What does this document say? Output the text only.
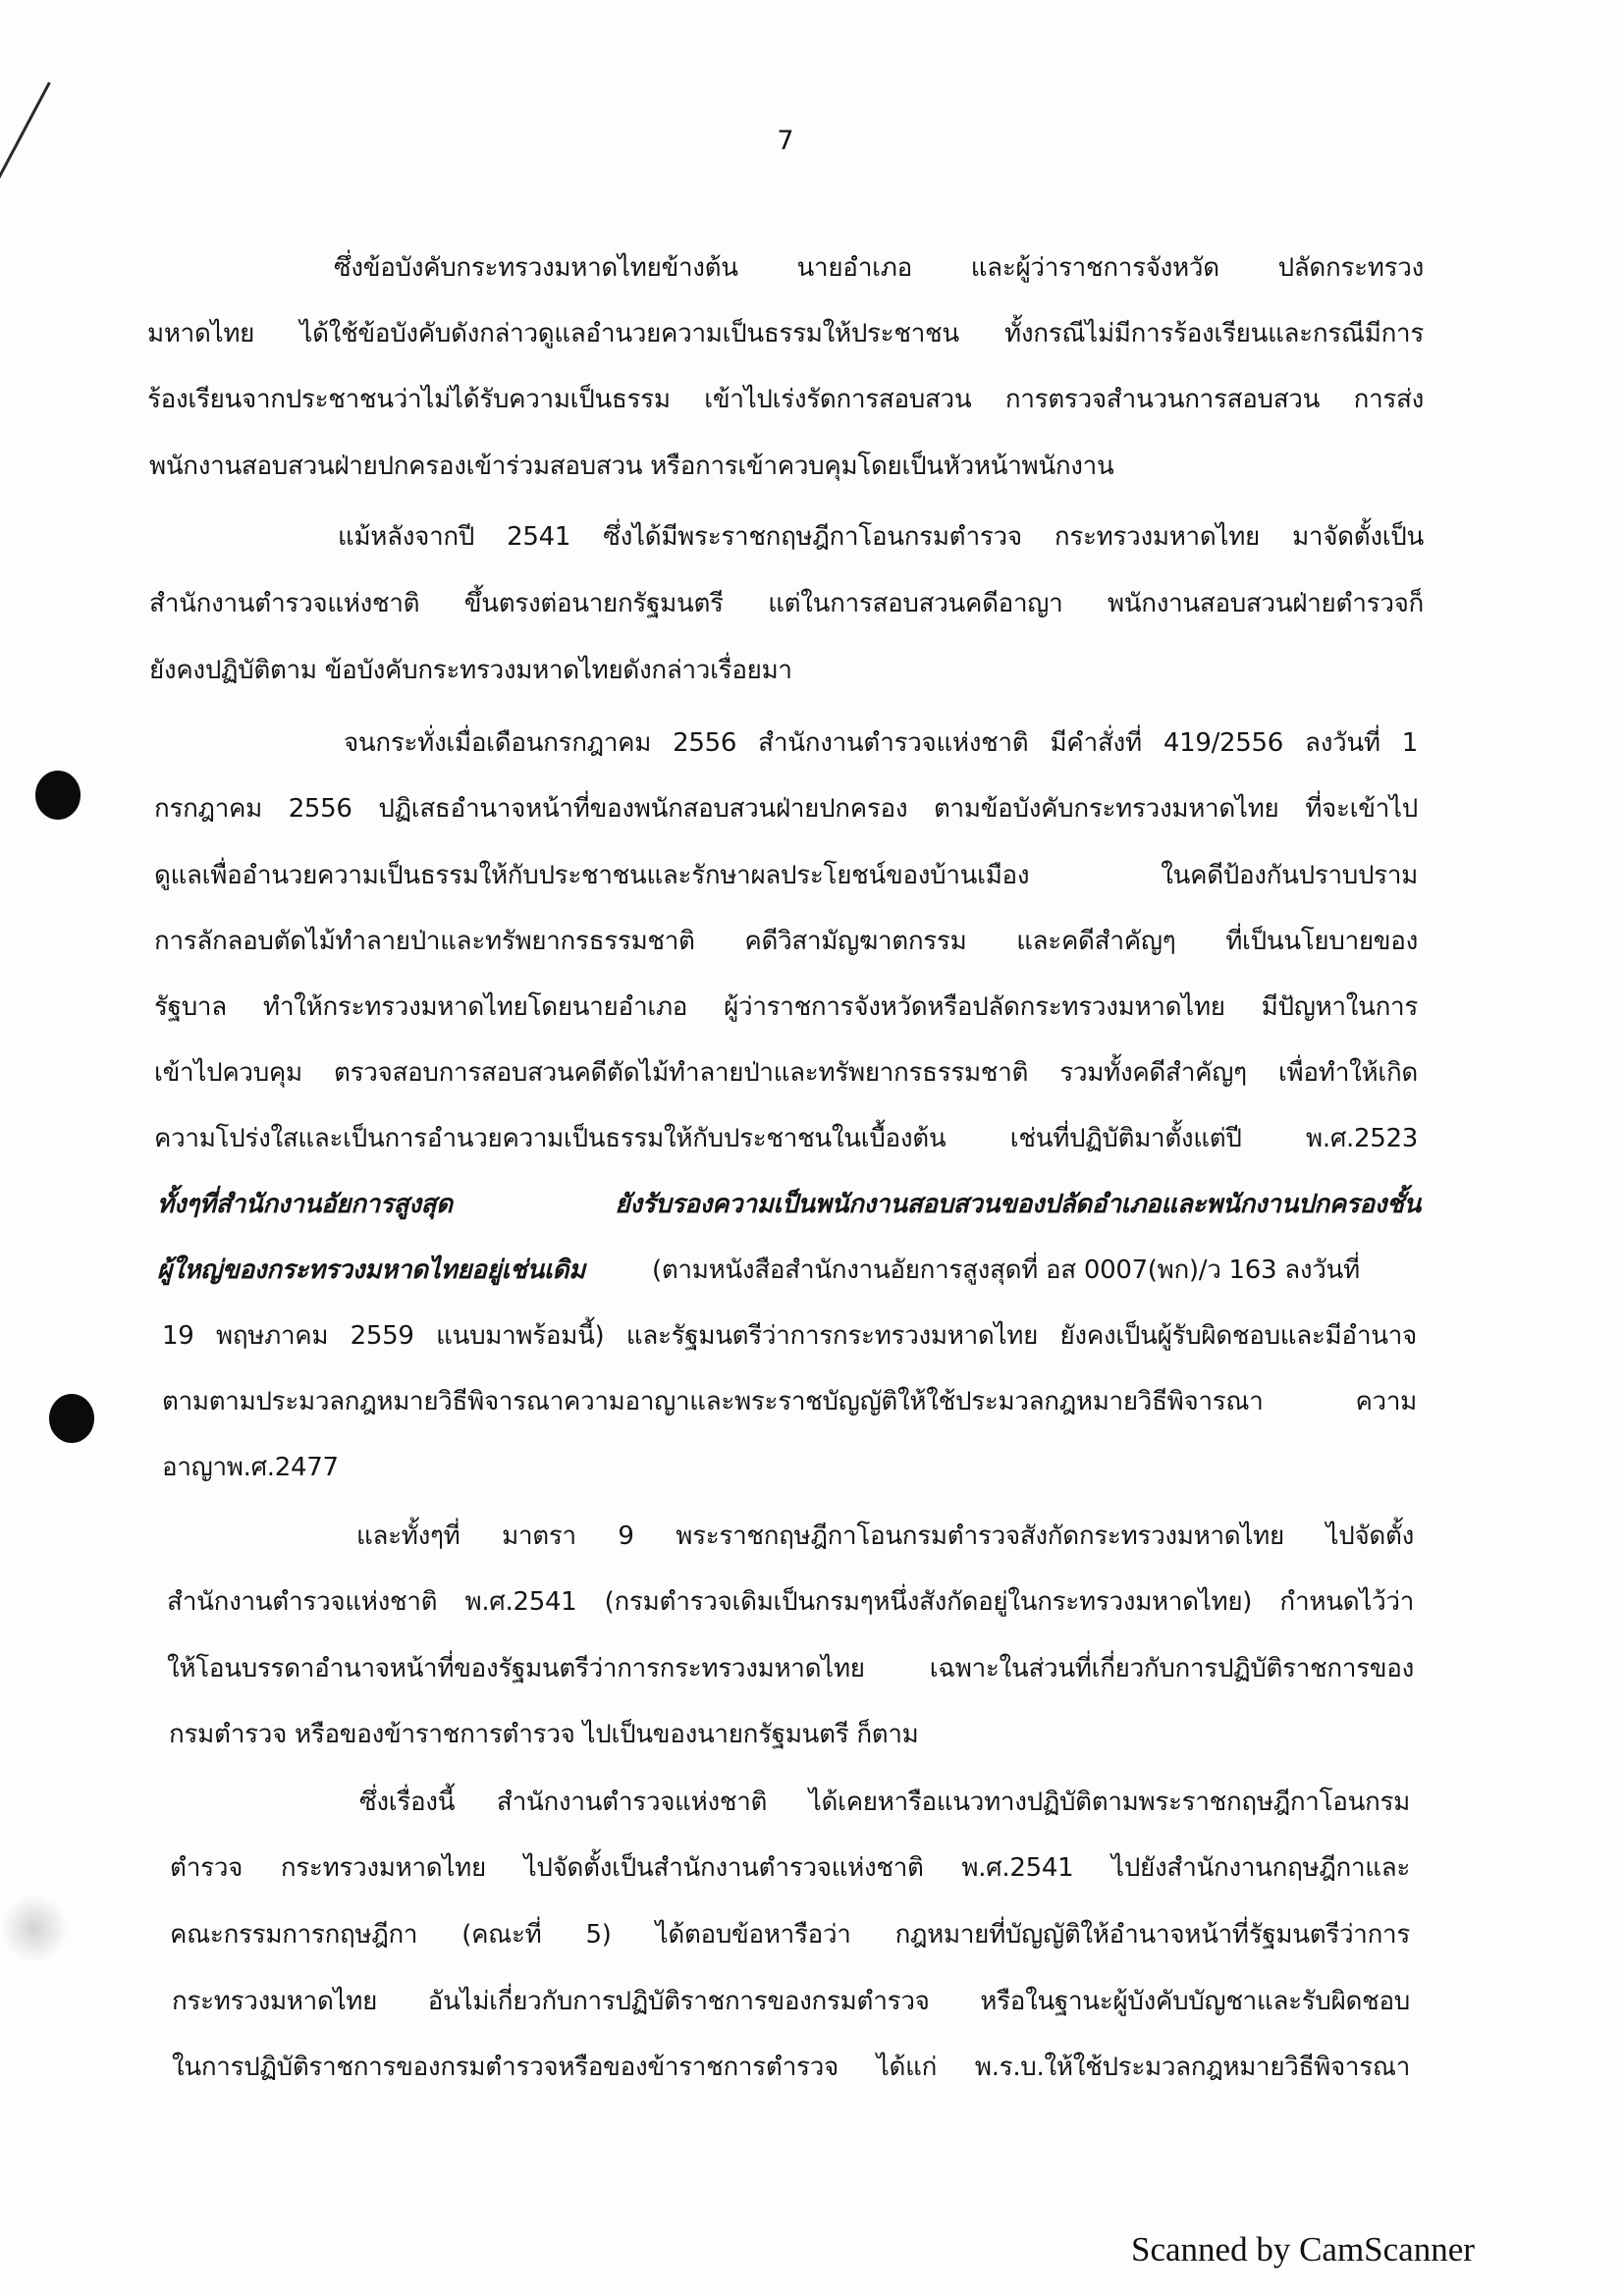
7
ซึ่งข้อบังคับกระทรวงมหาดไทยข้างต้น นายอำเภอ และผู้ว่าราชการจังหวัด ปลัดกระทรวง
มหาดไทย ได้ใช้ข้อบังคับดังกล่าวดูแลอำนวยความเป็นธรรมให้ประชาชน ทั้งกรณีไม่มีการร้องเรียนและกรณีมีการ
ร้องเรียนจากประชาชนว่าไม่ได้รับความเป็นธรรม เข้าไปเร่งรัดการสอบสวน การตรวจสำนวนการสอบสวน การส่ง
พนักงานสอบสวนฝ่ายปกครองเข้าร่วมสอบสวน หรือการเข้าควบคุมโดยเป็นหัวหน้าพนักงาน
แม้หลังจากปี 2541 ซึ่งได้มีพระราชกฤษฎีกาโอนกรมตำรวจ กระทรวงมหาดไทย มาจัดตั้งเป็น
สำนักงานตำรวจแห่งชาติ ขึ้นตรงต่อนายกรัฐมนตรี แต่ในการสอบสวนคดีอาญา พนักงานสอบสวนฝ่ายตำรวจก็
ยังคงปฏิบัติตาม ข้อบังคับกระทรวงมหาดไทยดังกล่าวเรื่อยมา
จนกระทั่งเมื่อเดือนกรกฎาคม 2556 สำนักงานตำรวจแห่งชาติ มีคำสั่งที่ 419/2556 ลงวันที่ 1
กรกฎาคม 2556 ปฏิเสธอำนาจหน้าที่ของพนักสอบสวนฝ่ายปกครอง ตามข้อบังคับกระทรวงมหาดไทย ที่จะเข้าไป
ดูแลเพื่ออำนวยความเป็นธรรมให้กับประชาชนและรักษาผลประโยชน์ของบ้านเมือง ในคดีป้องกันปราบปราม
การลักลอบตัดไม้ทำลายป่าและทรัพยากรธรรมชาติ คดีวิสามัญฆาตกรรม และคดีสำคัญๆ ที่เป็นนโยบายของ
รัฐบาล ทำให้กระทรวงมหาดไทยโดยนายอำเภอ ผู้ว่าราชการจังหวัดหรือปลัดกระทรวงมหาดไทย มีปัญหาในการ
เข้าไปควบคุม ตรวจสอบการสอบสวนคดีตัดไม้ทำลายป่าและทรัพยากรธรรมชาติ รวมทั้งคดีสำคัญๆ เพื่อทำให้เกิด
ความโปร่งใสและเป็นการอำนวยความเป็นธรรมให้กับประชาชนในเบื้องต้น เช่นที่ปฏิบัติมาตั้งแต่ปี พ.ศ.2523
ทั้งๆที่สำนักงานอัยการสูงสุด ยังรับรองความเป็นพนักงานสอบสวนของปลัดอำเภอและพนักงานปกครองชั้น
ผู้ใหญ่ของกระทรวงมหาดไทยอยู่เช่นเดิม	(ตามหนังสือสำนักงานอัยการสูงสุดที่ อส 0007(พก)/ว 163 ลงวันที่
19 พฤษภาคม 2559 แนบมาพร้อมนี้) และรัฐมนตรีว่าการกระทรวงมหาดไทย ยังคงเป็นผู้รับผิดชอบและมีอำนาจ
ตามตามประมวลกฎหมายวิธีพิจารณาความอาญาและพระราชบัญญัติให้ใช้ประมวลกฎหมายวิธีพิจารณา ความ
อาญาพ.ศ.2477
และทั้งๆที่ มาตรา 9 พระราชกฤษฎีกาโอนกรมตำรวจสังกัดกระทรวงมหาดไทย ไปจัดตั้ง
สำนักงานตำรวจแห่งชาติ พ.ศ.2541 (กรมตำรวจเดิมเป็นกรมๆหนึ่งสังกัดอยู่ในกระทรวงมหาดไทย) กำหนดไว้ว่า
ให้โอนบรรดาอำนาจหน้าที่ของรัฐมนตรีว่าการกระทรวงมหาดไทย เฉพาะในส่วนที่เกี่ยวกับการปฏิบัติราชการของ
กรมตำรวจ หรือของข้าราชการตำรวจ ไปเป็นของนายกรัฐมนตรี ก็ตาม
ซึ่งเรื่องนี้ สำนักงานตำรวจแห่งชาติ ได้เคยหารือแนวทางปฏิบัติตามพระราชกฤษฎีกาโอนกรม
ตำรวจ กระทรวงมหาดไทย ไปจัดตั้งเป็นสำนักงานตำรวจแห่งชาติ พ.ศ.2541 ไปยังสำนักงานกฤษฎีกาและ
คณะกรรมการกฤษฎีกา (คณะที่ 5) ได้ตอบข้อหารือว่า กฎหมายที่บัญญัติให้อำนาจหน้าที่รัฐมนตรีว่าการ
กระทรวงมหาดไทย อันไม่เกี่ยวกับการปฏิบัติราชการของกรมตำรวจ หรือในฐานะผู้บังคับบัญชาและรับผิดชอบ
ในการปฏิบัติราชการของกรมตำรวจหรือของข้าราชการตำรวจ ได้แก่ พ.ร.บ.ให้ใช้ประมวลกฎหมายวิธีพิจารณา
Scanned by CamScanner
